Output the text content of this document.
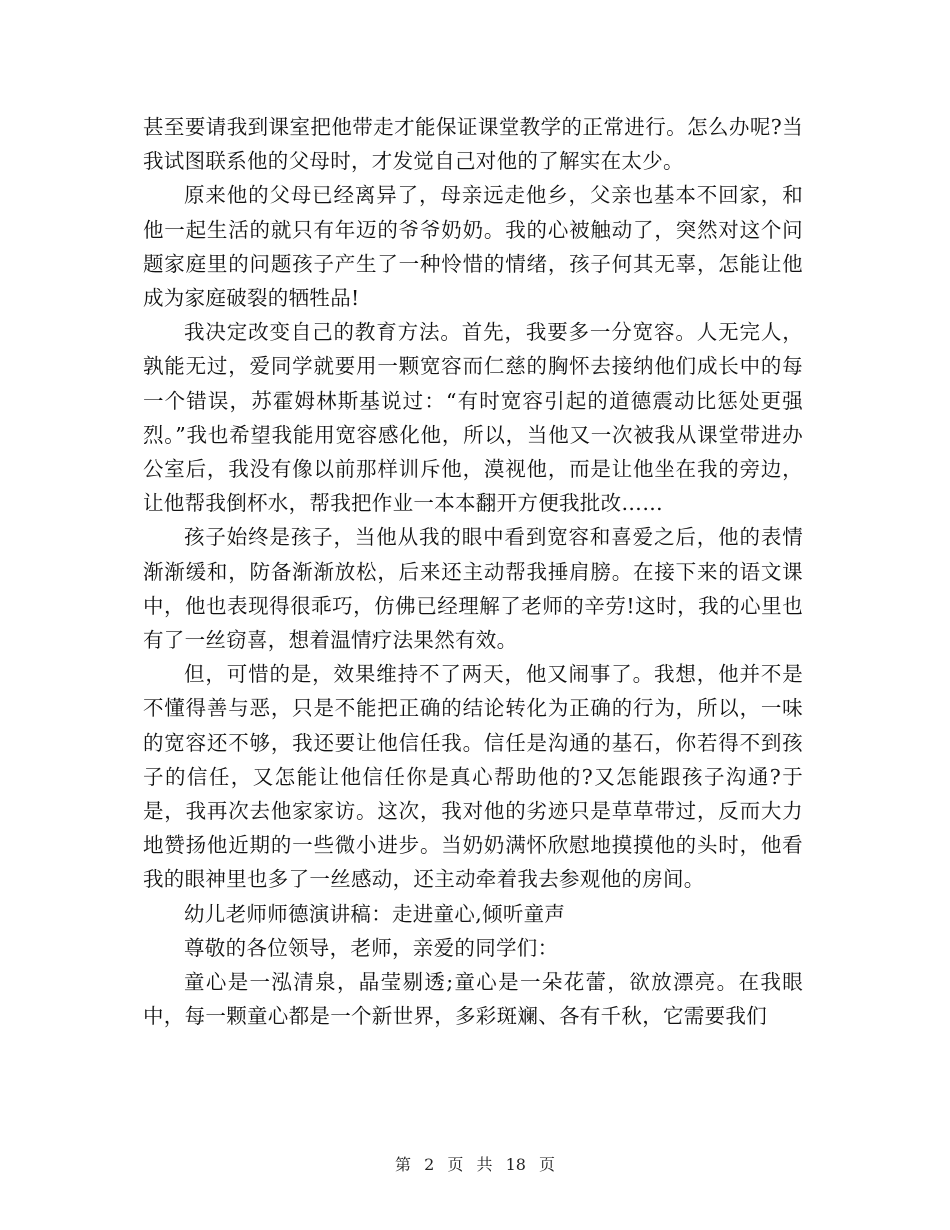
甚至要请我到课室把他带走才能保证课堂教学的正常进行。怎么办呢?当我试图联系他的父母时，才发觉自己对他的了解实在太少。

原来他的父母已经离异了，母亲远走他乡，父亲也基本不回家，和他一起生活的就只有年迈的爷爷奶奶。我的心被触动了，突然对这个问题家庭里的问题孩子产生了一种怜惜的情绪，孩子何其无辜，怎能让他成为家庭破裂的牺牲品!

我决定改变自己的教育方法。首先，我要多一分宽容。人无完人，孰能无过，爱同学就要用一颗宽容而仁慈的胸怀去接纳他们成长中的每一个错误，苏霍姆林斯基说过：“有时宽容引起的道德震动比惩处更强烈。”我也希望我能用宽容感化他，所以，当他又一次被我从课堂带进办公室后，我没有像以前那样训斥他，漠视他，而是让他坐在我的旁边，让他帮我倒杯水，帮我把作业一本本翻开方便我批改……

孩子始终是孩子，当他从我的眼中看到宽容和喜爱之后，他的表情渐渐缓和，防备渐渐放松，后来还主动帮我捶肩膀。在接下来的语文课中，他也表现得很乖巧，仿佛已经理解了老师的辛劳!这时，我的心里也有了一丝窃喜，想着温情疗法果然有效。

但，可惜的是，效果维持不了两天，他又闹事了。我想，他并不是不懂得善与恶，只是不能把正确的结论转化为正确的行为，所以，一味的宽容还不够，我还要让他信任我。信任是沟通的基石，你若得不到孩子的信任，又怎能让他信任你是真心帮助他的?又怎能跟孩子沟通?于是，我再次去他家家访。这次，我对他的劣迹只是草草带过，反而大力地赞扬他近期的一些微小进步。当奶奶满怀欣慰地摸摸他的头时，他看我的眼神里也多了一丝感动，还主动牵着我去参观他的房间。

幼儿老师师德演讲稿：走进童心,倾听童声

尊敬的各位领导，老师，亲爱的同学们：

童心是一泓清泉，晶莹剔透;童心是一朵花蕾，欲放漂亮。在我眼中，每一颗童心都是一个新世界，多彩斑斓、各有千秋，它需要我们

第 2 页 共 18 页
